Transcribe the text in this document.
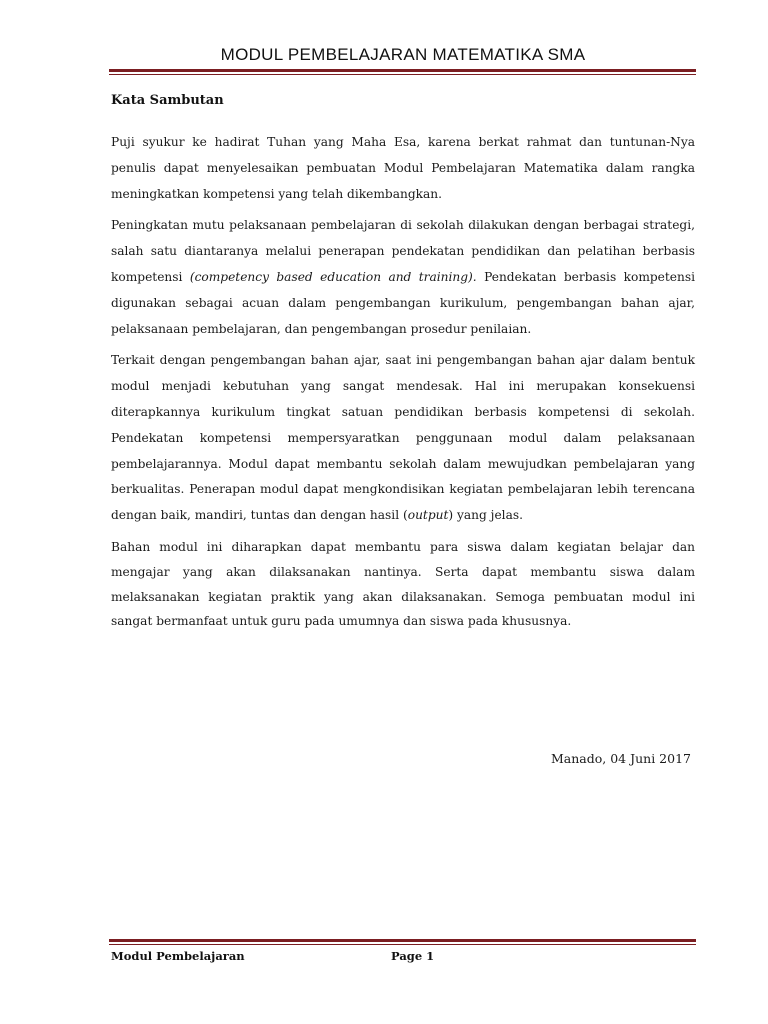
MODUL PEMBELAJARAN MATEMATIKA SMA
Kata Sambutan

Puji syukur ke hadirat Tuhan yang Maha Esa, karena berkat rahmat dan tuntunan-Nya penulis dapat menyelesaikan pembuatan Modul Pembelajaran Matematika dalam rangka meningkatkan kompetensi yang telah dikembangkan.

Peningkatan mutu pelaksanaan pembelajaran di sekolah dilakukan dengan berbagai strategi, salah satu diantaranya melalui penerapan pendekatan pendidikan dan pelatihan berbasis kompetensi (competency based education and training). Pendekatan berbasis kompetensi digunakan sebagai acuan dalam pengembangan kurikulum, pengembangan bahan ajar, pelaksanaan pembelajaran, dan pengembangan prosedur penilaian.

Terkait dengan pengembangan bahan ajar, saat ini pengembangan bahan ajar dalam bentuk modul menjadi kebutuhan yang sangat mendesak. Hal ini merupakan konsekuensi diterapkannya kurikulum tingkat satuan pendidikan berbasis kompetensi di sekolah. Pendekatan kompetensi mempersyaratkan penggunaan modul dalam pelaksanaan pembelajarannya. Modul dapat membantu sekolah dalam mewujudkan pembelajaran yang berkualitas. Penerapan modul dapat mengkondisikan kegiatan pembelajaran lebih terencana dengan baik, mandiri, tuntas dan dengan hasil (output) yang jelas.

Bahan modul ini diharapkan dapat membantu para siswa dalam kegiatan belajar dan mengajar yang akan dilaksanakan nantinya. Serta dapat membantu siswa dalam melaksanakan kegiatan praktik yang akan dilaksanakan. Semoga pembuatan modul ini sangat bermanfaat untuk guru pada umumnya dan siswa pada khususnya.

Manado, 04 Juni 2017
Modul Pembelajaran	Page 1
